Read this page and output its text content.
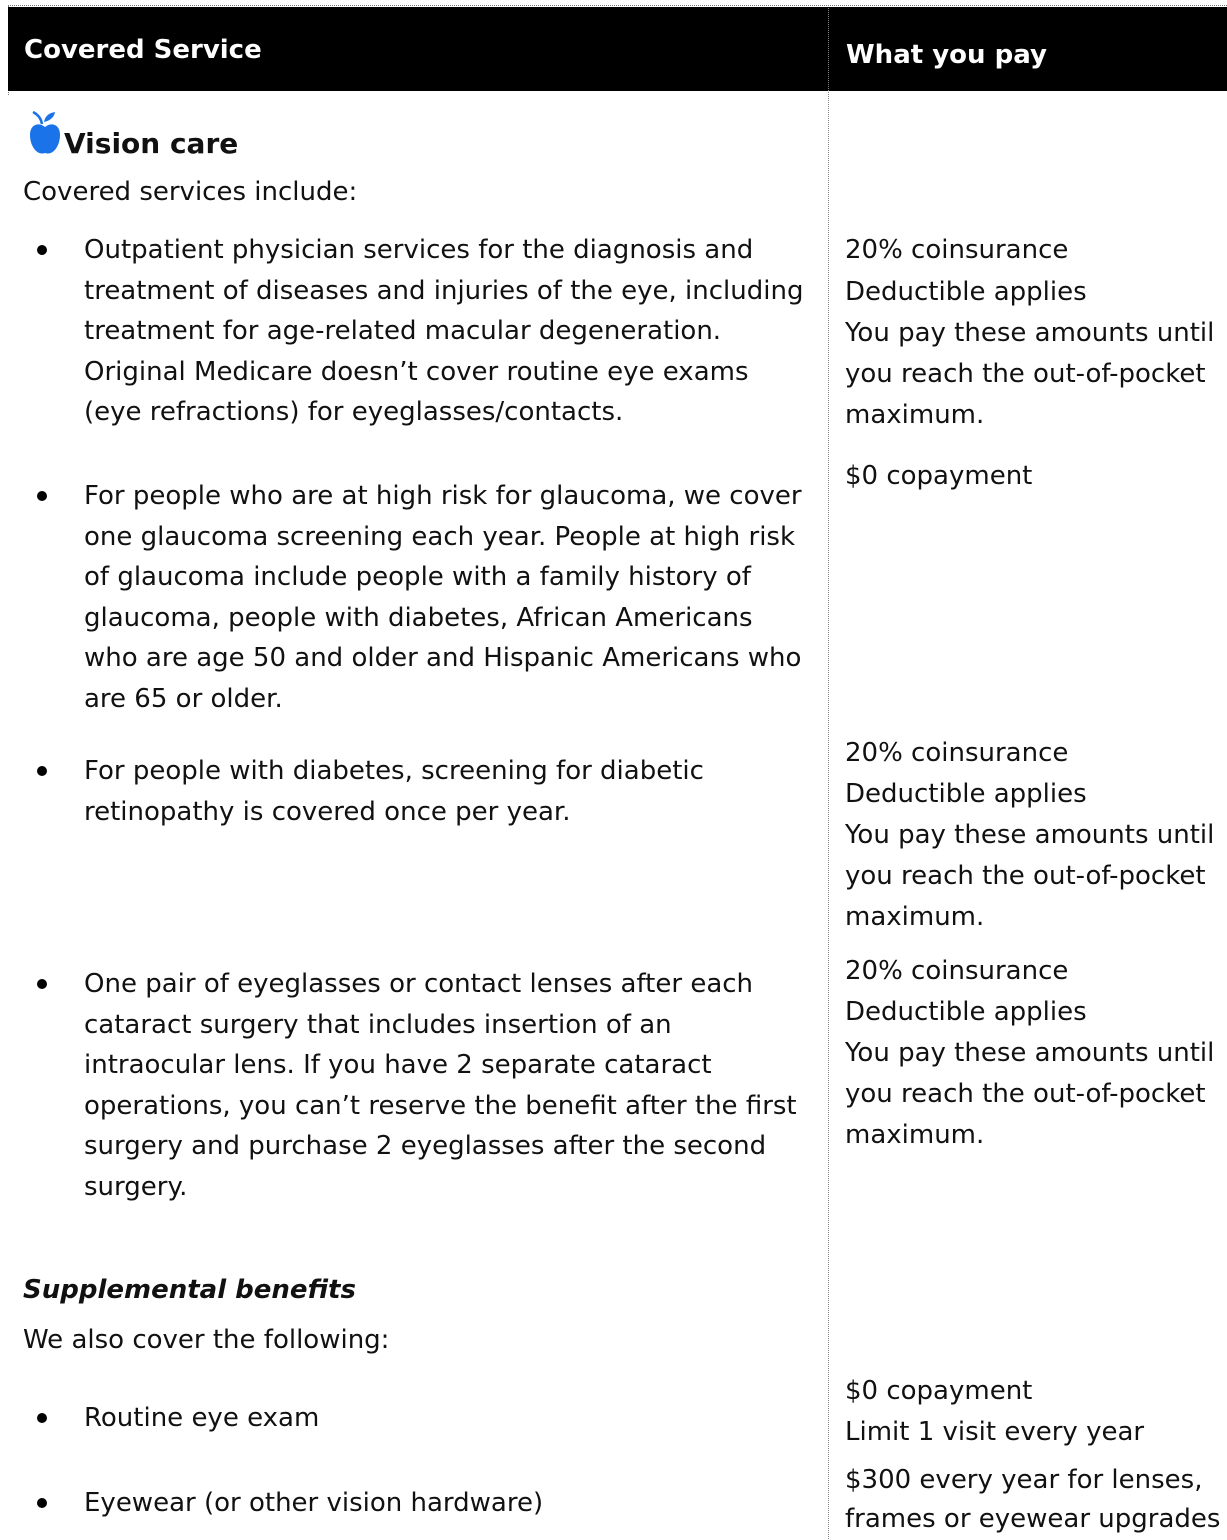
Covered Service	What you pay
Vision care
Covered services include:
Outpatient physician services for the diagnosis and
treatment of diseases and injuries of the eye, including
treatment for age-related macular degeneration.
Original Medicare doesn’t cover routine eye exams
(eye refractions) for eyeglasses/contacts.
20% coinsurance
Deductible applies
You pay these amounts until
you reach the out-of-pocket
maximum.
For people who are at high risk for glaucoma, we cover
one glaucoma screening each year. People at high risk
of glaucoma include people with a family history of
glaucoma, people with diabetes, African Americans
who are age 50 and older and Hispanic Americans who
are 65 or older.
$0 copayment
For people with diabetes, screening for diabetic
retinopathy is covered once per year.
20% coinsurance
Deductible applies
You pay these amounts until
you reach the out-of-pocket
maximum.
One pair of eyeglasses or contact lenses after each
cataract surgery that includes insertion of an
intraocular lens. If you have 2 separate cataract
operations, you can’t reserve the benefit after the first
surgery and purchase 2 eyeglasses after the second
surgery.
20% coinsurance
Deductible applies
You pay these amounts until
you reach the out-of-pocket
maximum.
Supplemental benefits
We also cover the following:
Routine eye exam
$0 copayment
Limit 1 visit every year
Eyewear (or other vision hardware)
$300 every year for lenses,
frames or eyewear upgrades
